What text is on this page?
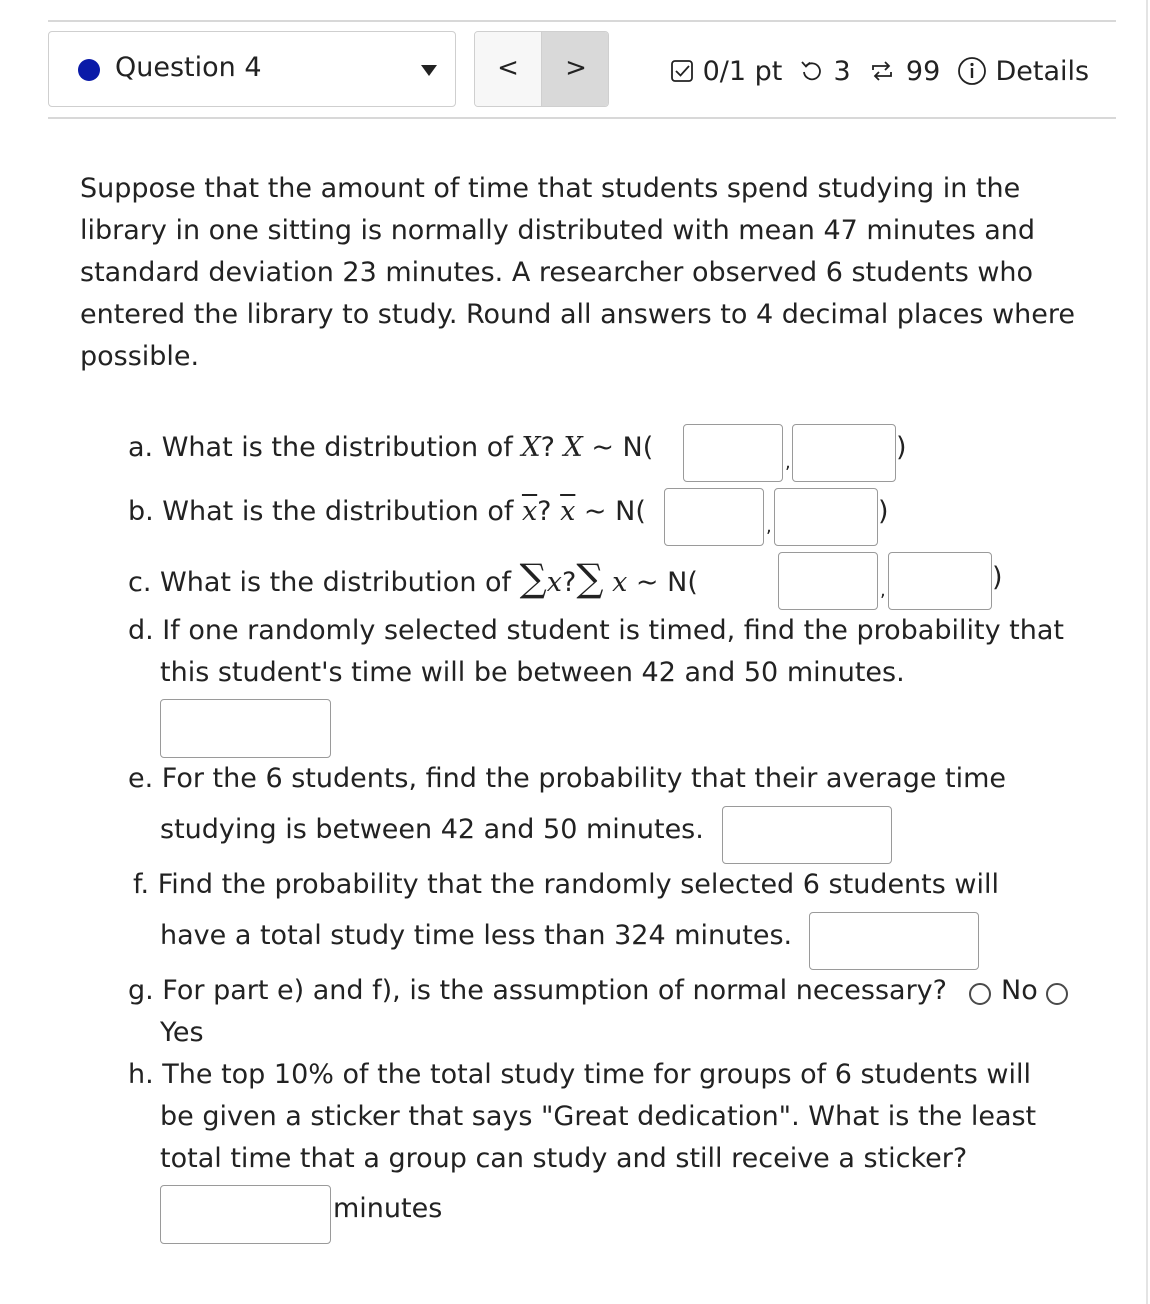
Question 4	<	>	0/1 pt 3 99 Details
Suppose that the amount of time that students spend studying in the library in one sitting is normally distributed with mean 47 minutes and standard deviation 23 minutes. A researcher observed 6 students who entered the library to study. Round all answers to 4 decimal places where possible.
a. What is the distribution of X? X ~ N(	,	)
b. What is the distribution of $\overline{x}$? $\overline{x}$ ~ N(	,	)
c. What is the distribution of ∑x?∑ x ~ N(	,	)
d. If one randomly selected student is timed, find the probability that
this student's time will be between 42 and 50 minutes.
e. For the 6 students, find the probability that their average time
studying is between 42 and 50 minutes.
f. Find the probability that the randomly selected 6 students will
have a total study time less than 324 minutes.
g. For part e) and f), is the assumption of normal necessary? No
Yes
h. The top 10% of the total study time for groups of 6 students will
be given a sticker that says "Great dedication". What is the least
total time that a group can study and still receive a sticker?
minutes
